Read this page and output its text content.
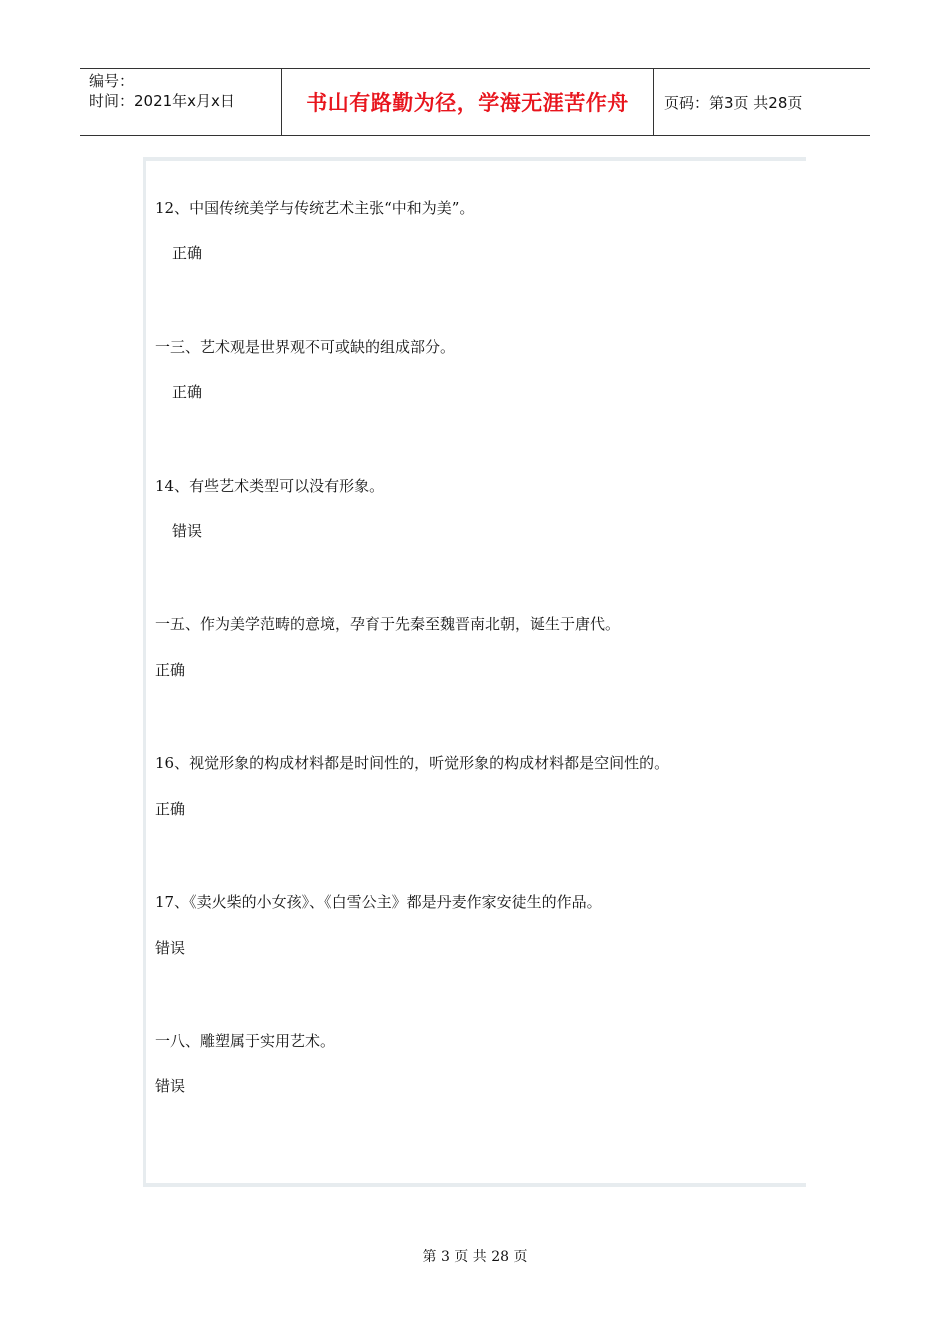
编号：
时间：2021年x月x日	书山有路勤为径，学海无涯苦作舟 页码：第3页 共28页
12、中国传统美学与传统艺术主张“中和为美”。
正确
一三、艺术观是世界观不可或缺的组成部分。
正确
14、有些艺术类型可以没有形象。
错误
一五、作为美学范畴的意境，孕育于先秦至魏晋南北朝，诞生于唐代。
正确
16、视觉形象的构成材料都是时间性的，听觉形象的构成材料都是空间性的。
正确
17、《卖火柴的小女孩》、《白雪公主》都是丹麦作家安徒生的作品。
错误
一八、雕塑属于实用艺术。
错误
第 3 页 共 28 页
